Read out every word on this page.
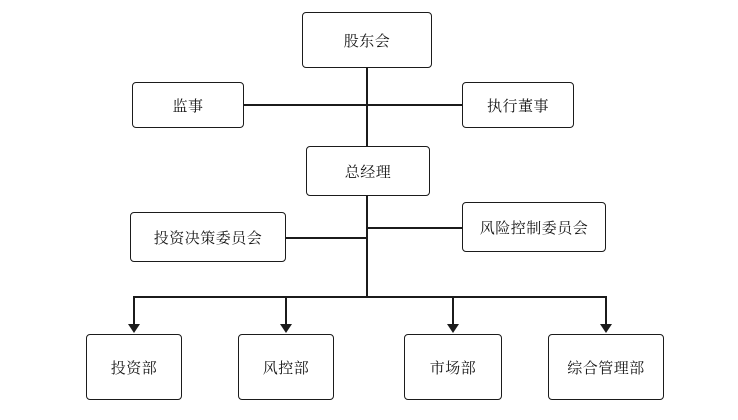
股东会
监事	执行董事
总经理
投资决策委员会
风险控制委员会
投资部	风控部	市场部	综合管理部
